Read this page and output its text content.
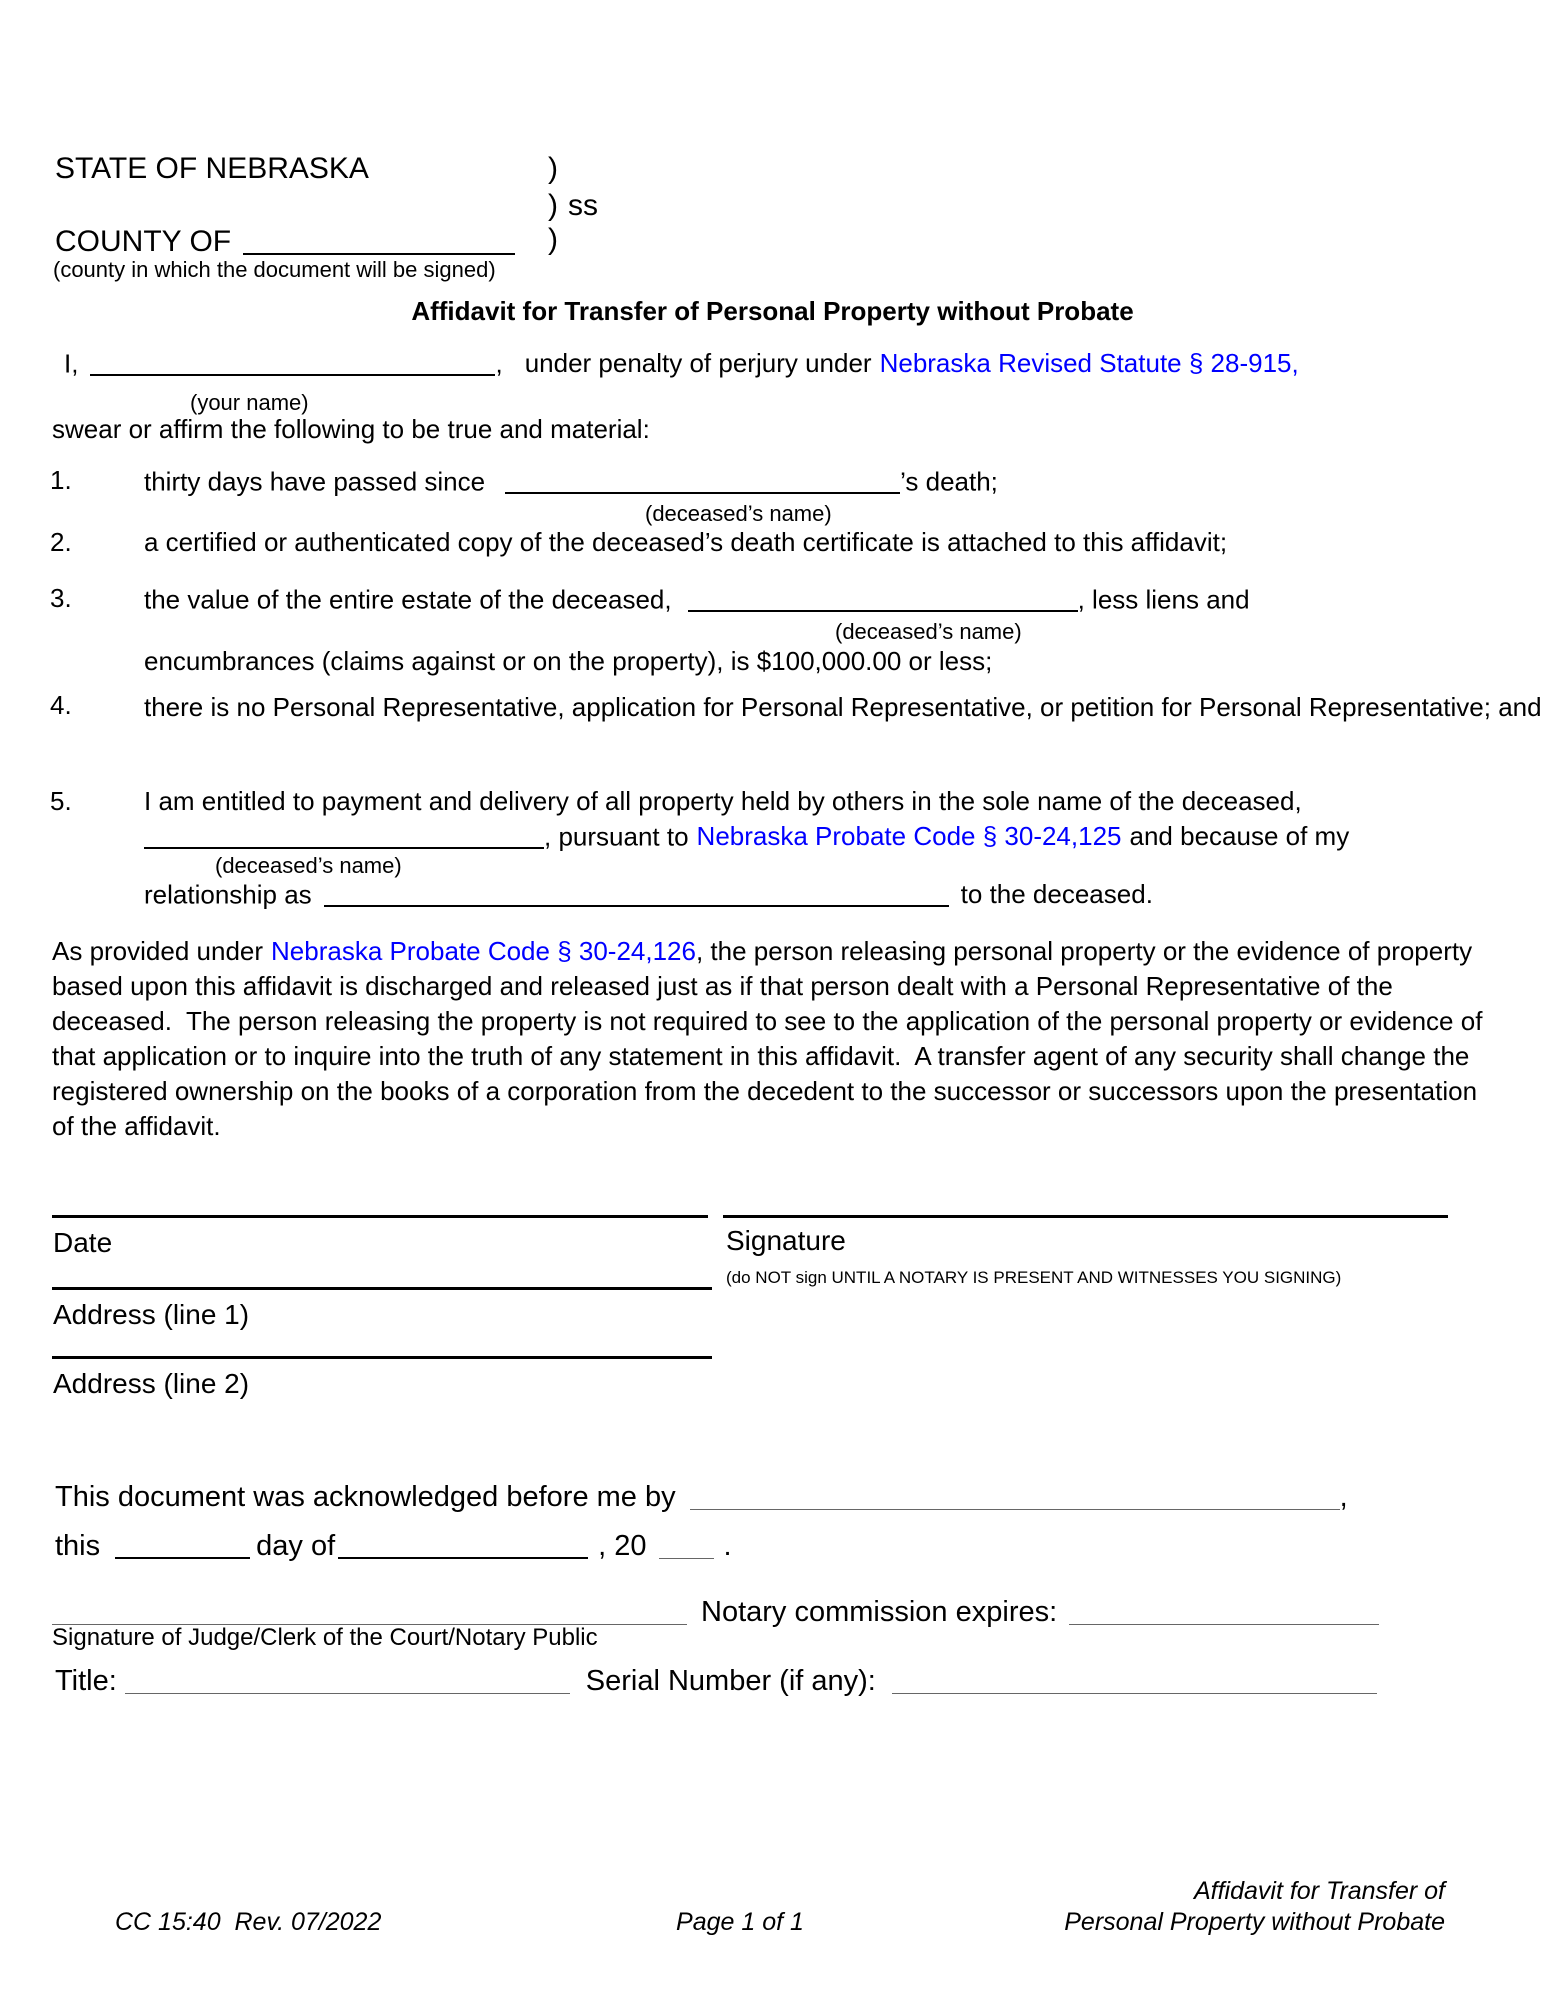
STATE OF NEBRASKA	)
) ss
COUNTY OF	)
(county in which the document will be signed)
Affidavit for Transfer of Personal Property without Probate
I,	, under penalty of perjury under Nebraska Revised Statute § 28-915,
(your name)
swear or affirm the following to be true and material:
1.	thirty days have passed since	’s death;
(deceased’s name)
2.	a certified or authenticated copy of the deceased’s death certificate is attached to this affidavit;
3.	the value of the entire estate of the deceased,	, less liens and
(deceased’s name)
encumbrances (claims against or on the property), is $100,000.00 or less;
4.	there is no Personal Representative, application for Personal Representative, or petition for Personal Representative; and
5.	I am entitled to payment and delivery of all property held by others in the sole name of the deceased,
, pursuant to Nebraska Probate Code § 30-24,125 and because of my
(deceased’s name)
relationship as	to the deceased.
As provided under Nebraska Probate Code § 30-24,126, the person releasing personal property or the evidence of property based upon this affidavit is discharged and released just as if that person dealt with a Personal Representative of the deceased.  The person releasing the property is not required to see to the application of the personal property or evidence of that application or to inquire into the truth of any statement in this affidavit.  A transfer agent of any security shall change the registered ownership on the books of a corporation from the decedent to the successor or successors upon the presentation of the affidavit.
Date	Signature
(do NOT sign UNTIL A NOTARY IS PRESENT AND WITNESSES YOU SIGNING)
Address (line 1)
Address (line 2)
This document was acknowledged before me by	,
this	day of	, 20	.
Notary commission expires:
Signature of Judge/Clerk of the Court/Notary Public
Title:	Serial Number (if any):
Affidavit for Transfer of
CC 15:40  Rev. 07/2022	Page 1 of 1	Personal Property without Probate
